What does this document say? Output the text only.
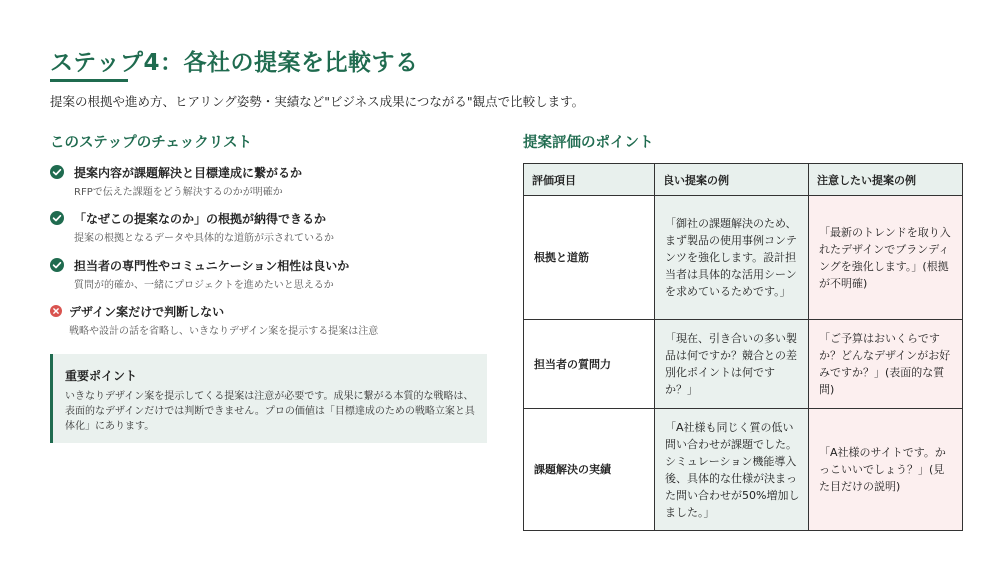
ステップ4：各社の提案を比較する
提案の根拠や進め方、ヒアリング姿勢・実績など"ビジネス成果につながる"観点で比較します。
このステップのチェックリスト
提案内容が課題解決と目標達成に繋がるか
RFPで伝えた課題をどう解決するのかが明確か
「なぜこの提案なのか」の根拠が納得できるか
提案の根拠となるデータや具体的な道筋が示されているか
担当者の専門性やコミュニケーション相性は良いか
質問が的確か、一緒にプロジェクトを進めたいと思えるか
デザイン案だけで判断しない
戦略や設計の話を省略し、いきなりデザイン案を提示する提案は注意
重要ポイント
いきなりデザイン案を提示してくる提案は注意が必要です。成果に繋がる本質的な戦略は、表面的なデザインだけでは判断できません。プロの価値は「目標達成のための戦略立案と具体化」にあります。
提案評価のポイント
評価項目	良い提案の例	注意したい提案の例
根拠と道筋	「御社の課題解決のため、まず製品の使用事例コンテンツを強化します。設計担当者は具体的な活用シーンを求めているためです。」	「最新のトレンドを取り入れたデザインでブランディングを強化します。」(根拠が不明確)
担当者の質問力	「現在、引き合いの多い製品は何ですか？競合との差別化ポイントは何ですか？」	「ご予算はおいくらですか？どんなデザインがお好みですか？」(表面的な質問)
課題解決の実績	「A社様も同じく質の低い問い合わせが課題でした。シミュレーション機能導入後、具体的な仕様が決まった問い合わせが50%増加しました。」	「A社様のサイトです。かっこいいでしょう？」(見た目だけの説明)
